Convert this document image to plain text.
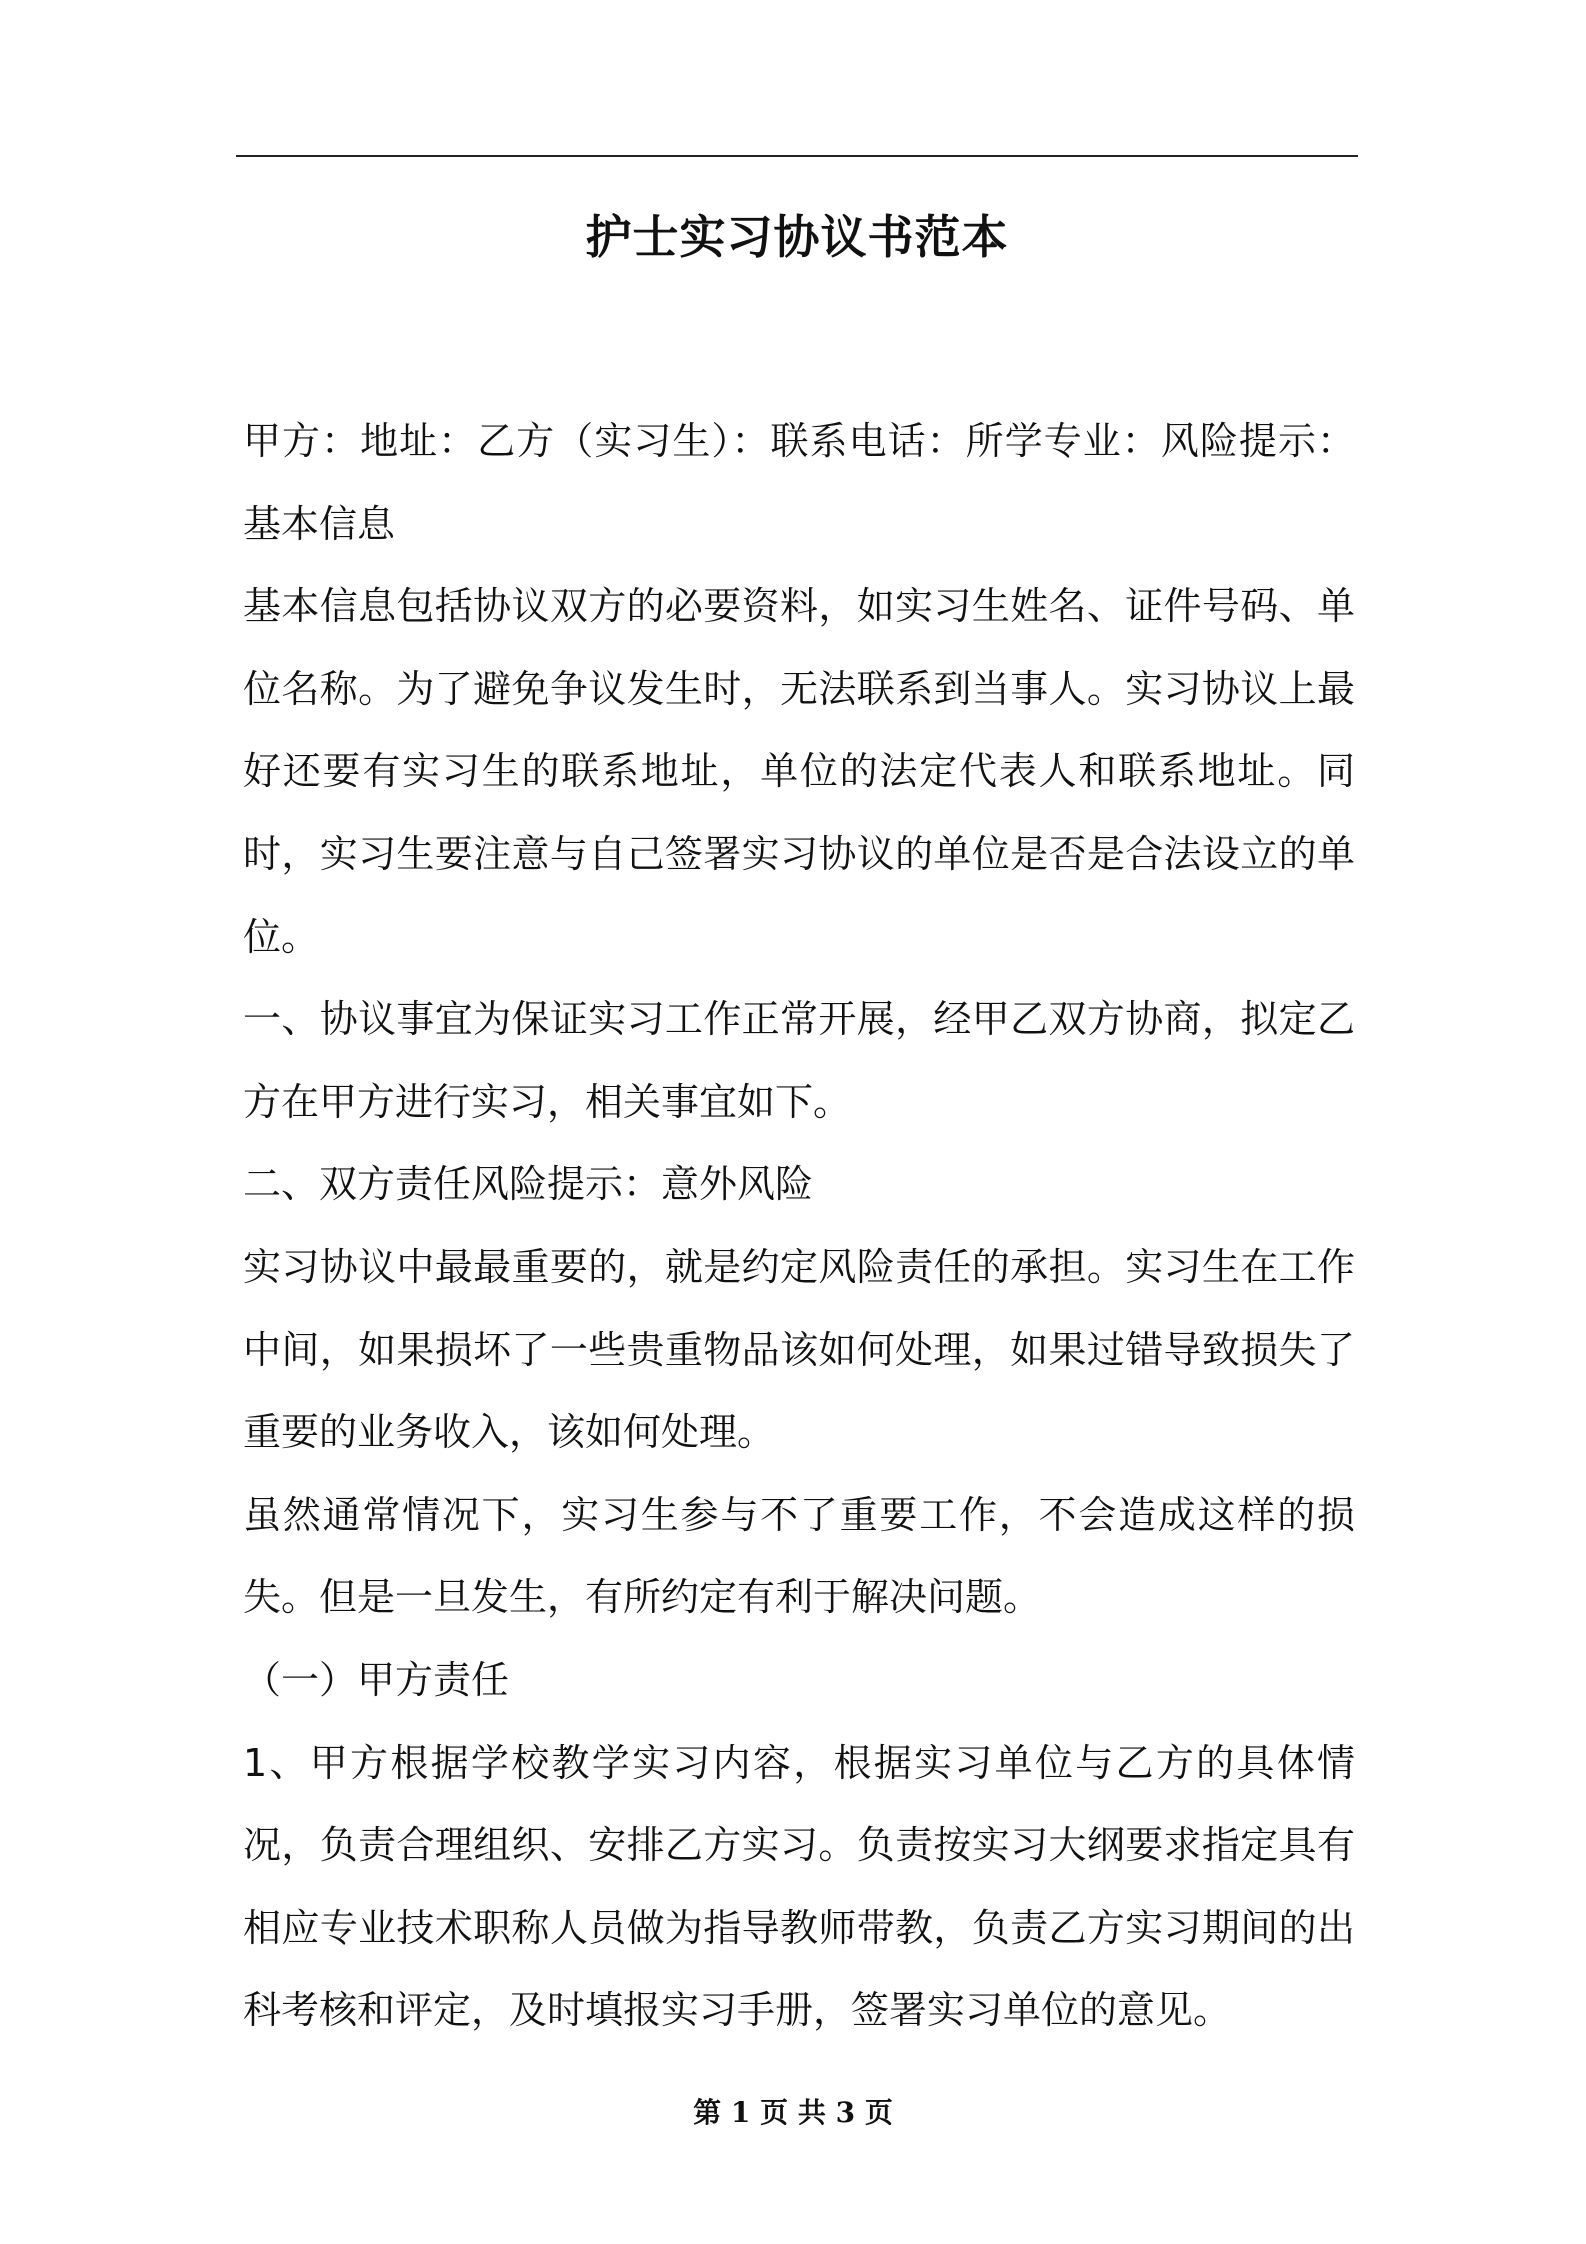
护士实习协议书范本

甲方：地址：乙方（实习生）：联系电话：所学专业：风险提示：基本信息

基本信息包括协议双方的必要资料，如实习生姓名、证件号码、单位名称。为了避免争议发生时，无法联系到当事人。实习协议上最好还要有实习生的联系地址，单位的法定代表人和联系地址。同时，实习生要注意与自己签署实习协议的单位是否是合法设立的单位。

一、协议事宜为保证实习工作正常开展，经甲乙双方协商，拟定乙方在甲方进行实习，相关事宜如下。

二、双方责任风险提示：意外风险

实习协议中最最重要的，就是约定风险责任的承担。实习生在工作中间，如果损坏了一些贵重物品该如何处理，如果过错导致损失了重要的业务收入，该如何处理。

虽然通常情况下，实习生参与不了重要工作，不会造成这样的损失。但是一旦发生，有所约定有利于解决问题。

（一）甲方责任

1、甲方根据学校教学实习内容，根据实习单位与乙方的具体情况，负责合理组织、安排乙方实习。负责按实习大纲要求指定具有相应专业技术职称人员做为指导教师带教，负责乙方实习期间的出科考核和评定，及时填报实习手册，签署实习单位的意见。

第 1 页 共 3 页
